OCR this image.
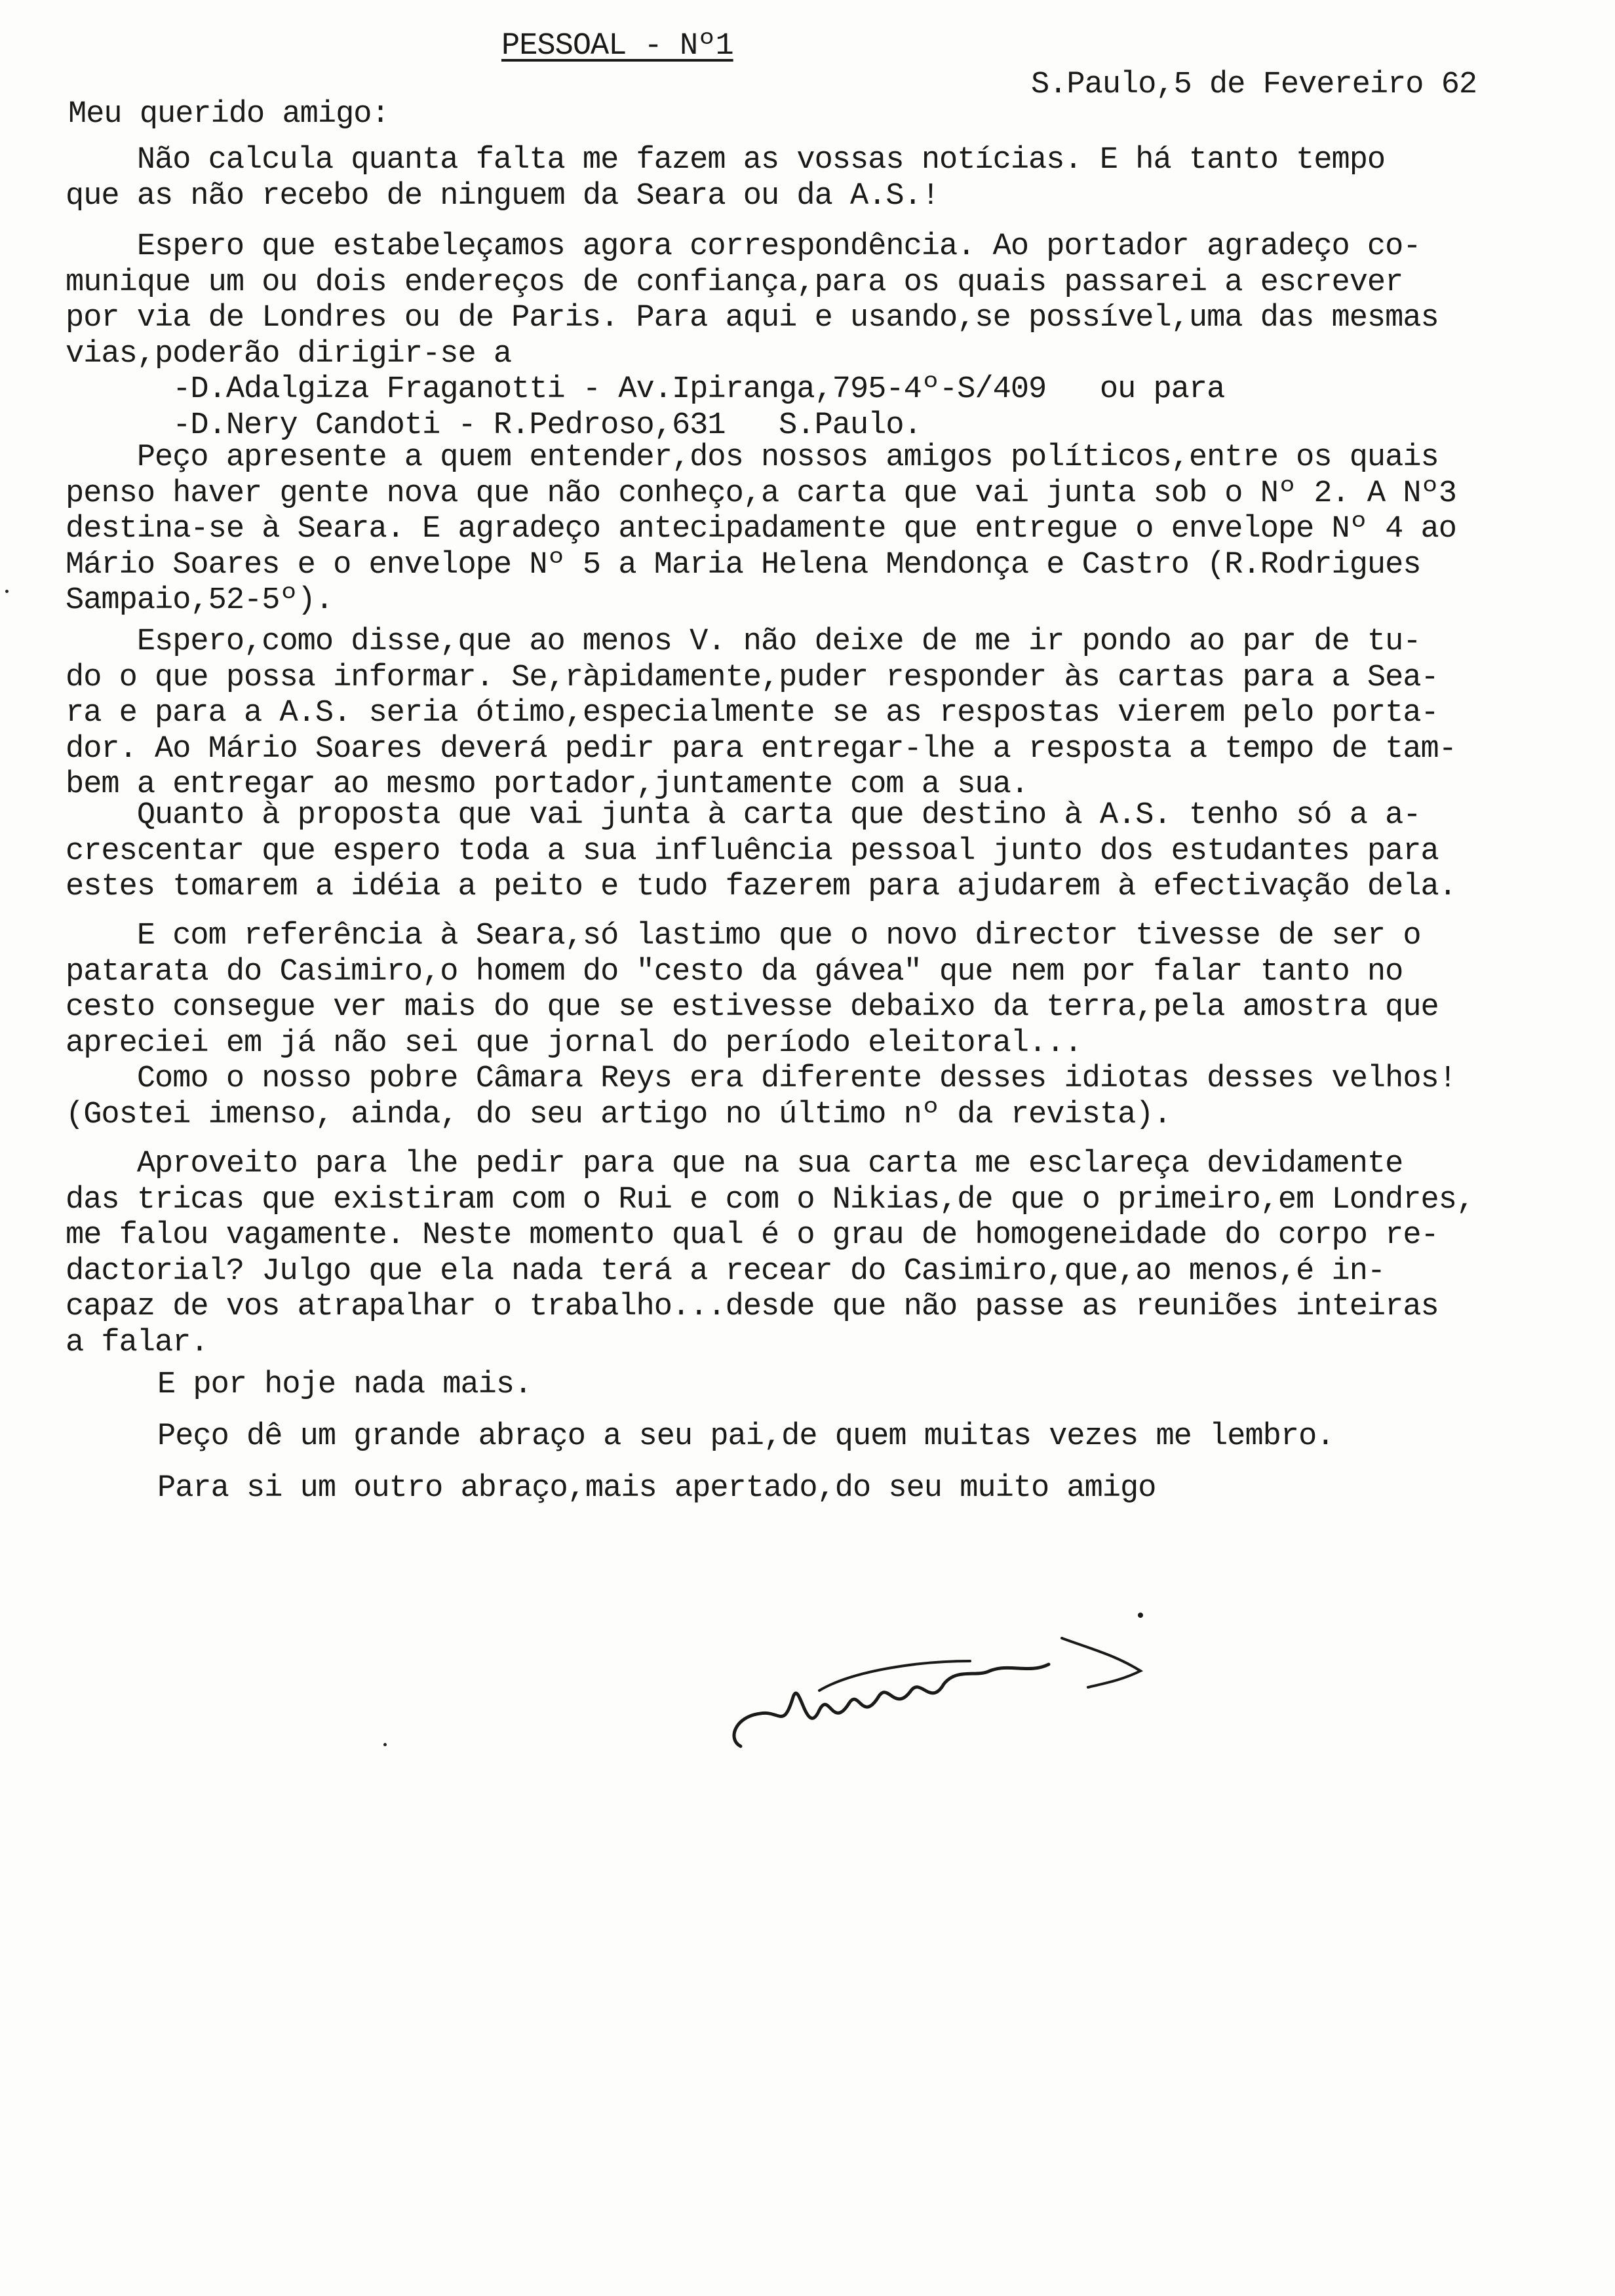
PESSOAL - Nº1
S.Paulo,5 de Fevereiro 62
Meu querido amigo:
Não calcula quanta falta me fazem as vossas notícias. E há tanto tempo
que as não recebo de ninguem da Seara ou da A.S.!
Espero que estabeleçamos agora correspondência. Ao portador agradeço co-
munique um ou dois endereços de confiança,para os quais passarei a escrever
por via de Londres ou de Paris. Para aqui e usando,se possível,uma das mesmas
vias,poderão dirigir-se a
-D.Adalgiza Fraganotti - Av.Ipiranga,795-4º-S/409   ou para
-D.Nery Candoti - R.Pedroso,631   S.Paulo.
Peço apresente a quem entender,dos nossos amigos políticos,entre os quais
penso haver gente nova que não conheço,a carta que vai junta sob o Nº 2. A Nº3
destina-se à Seara. E agradeço antecipadamente que entregue o envelope Nº 4 ao
Mário Soares e o envelope Nº 5 a Maria Helena Mendonça e Castro (R.Rodrigues
Sampaio,52-5º).
Espero,como disse,que ao menos V. não deixe de me ir pondo ao par de tu-
do o que possa informar. Se,ràpidamente,puder responder às cartas para a Sea-
ra e para a A.S. seria ótimo,especialmente se as respostas vierem pelo porta-
dor. Ao Mário Soares deverá pedir para entregar-lhe a resposta a tempo de tam-
bem a entregar ao mesmo portador,juntamente com a sua.
Quanto à proposta que vai junta à carta que destino à A.S. tenho só a a-
crescentar que espero toda a sua influência pessoal junto dos estudantes para
estes tomarem a idéia a peito e tudo fazerem para ajudarem à efectivação dela.
E com referência à Seara,só lastimo que o novo director tivesse de ser o
patarata do Casimiro,o homem do "cesto da gávea" que nem por falar tanto no
cesto consegue ver mais do que se estivesse debaixo da terra,pela amostra que
apreciei em já não sei que jornal do período eleitoral...
Como o nosso pobre Câmara Reys era diferente desses idiotas desses velhos!
(Gostei imenso, ainda, do seu artigo no último nº da revista).
Aproveito para lhe pedir para que na sua carta me esclareça devidamente
das tricas que existiram com o Rui e com o Nikias,de que o primeiro,em Londres,
me falou vagamente. Neste momento qual é o grau de homogeneidade do corpo re-
dactorial? Julgo que ela nada terá a recear do Casimiro,que,ao menos,é in-
capaz de vos atrapalhar o trabalho...desde que não passe as reuniões inteiras
a falar.
E por hoje nada mais.
Peço dê um grande abraço a seu pai,de quem muitas vezes me lembro.
Para si um outro abraço,mais apertado,do seu muito amigo
